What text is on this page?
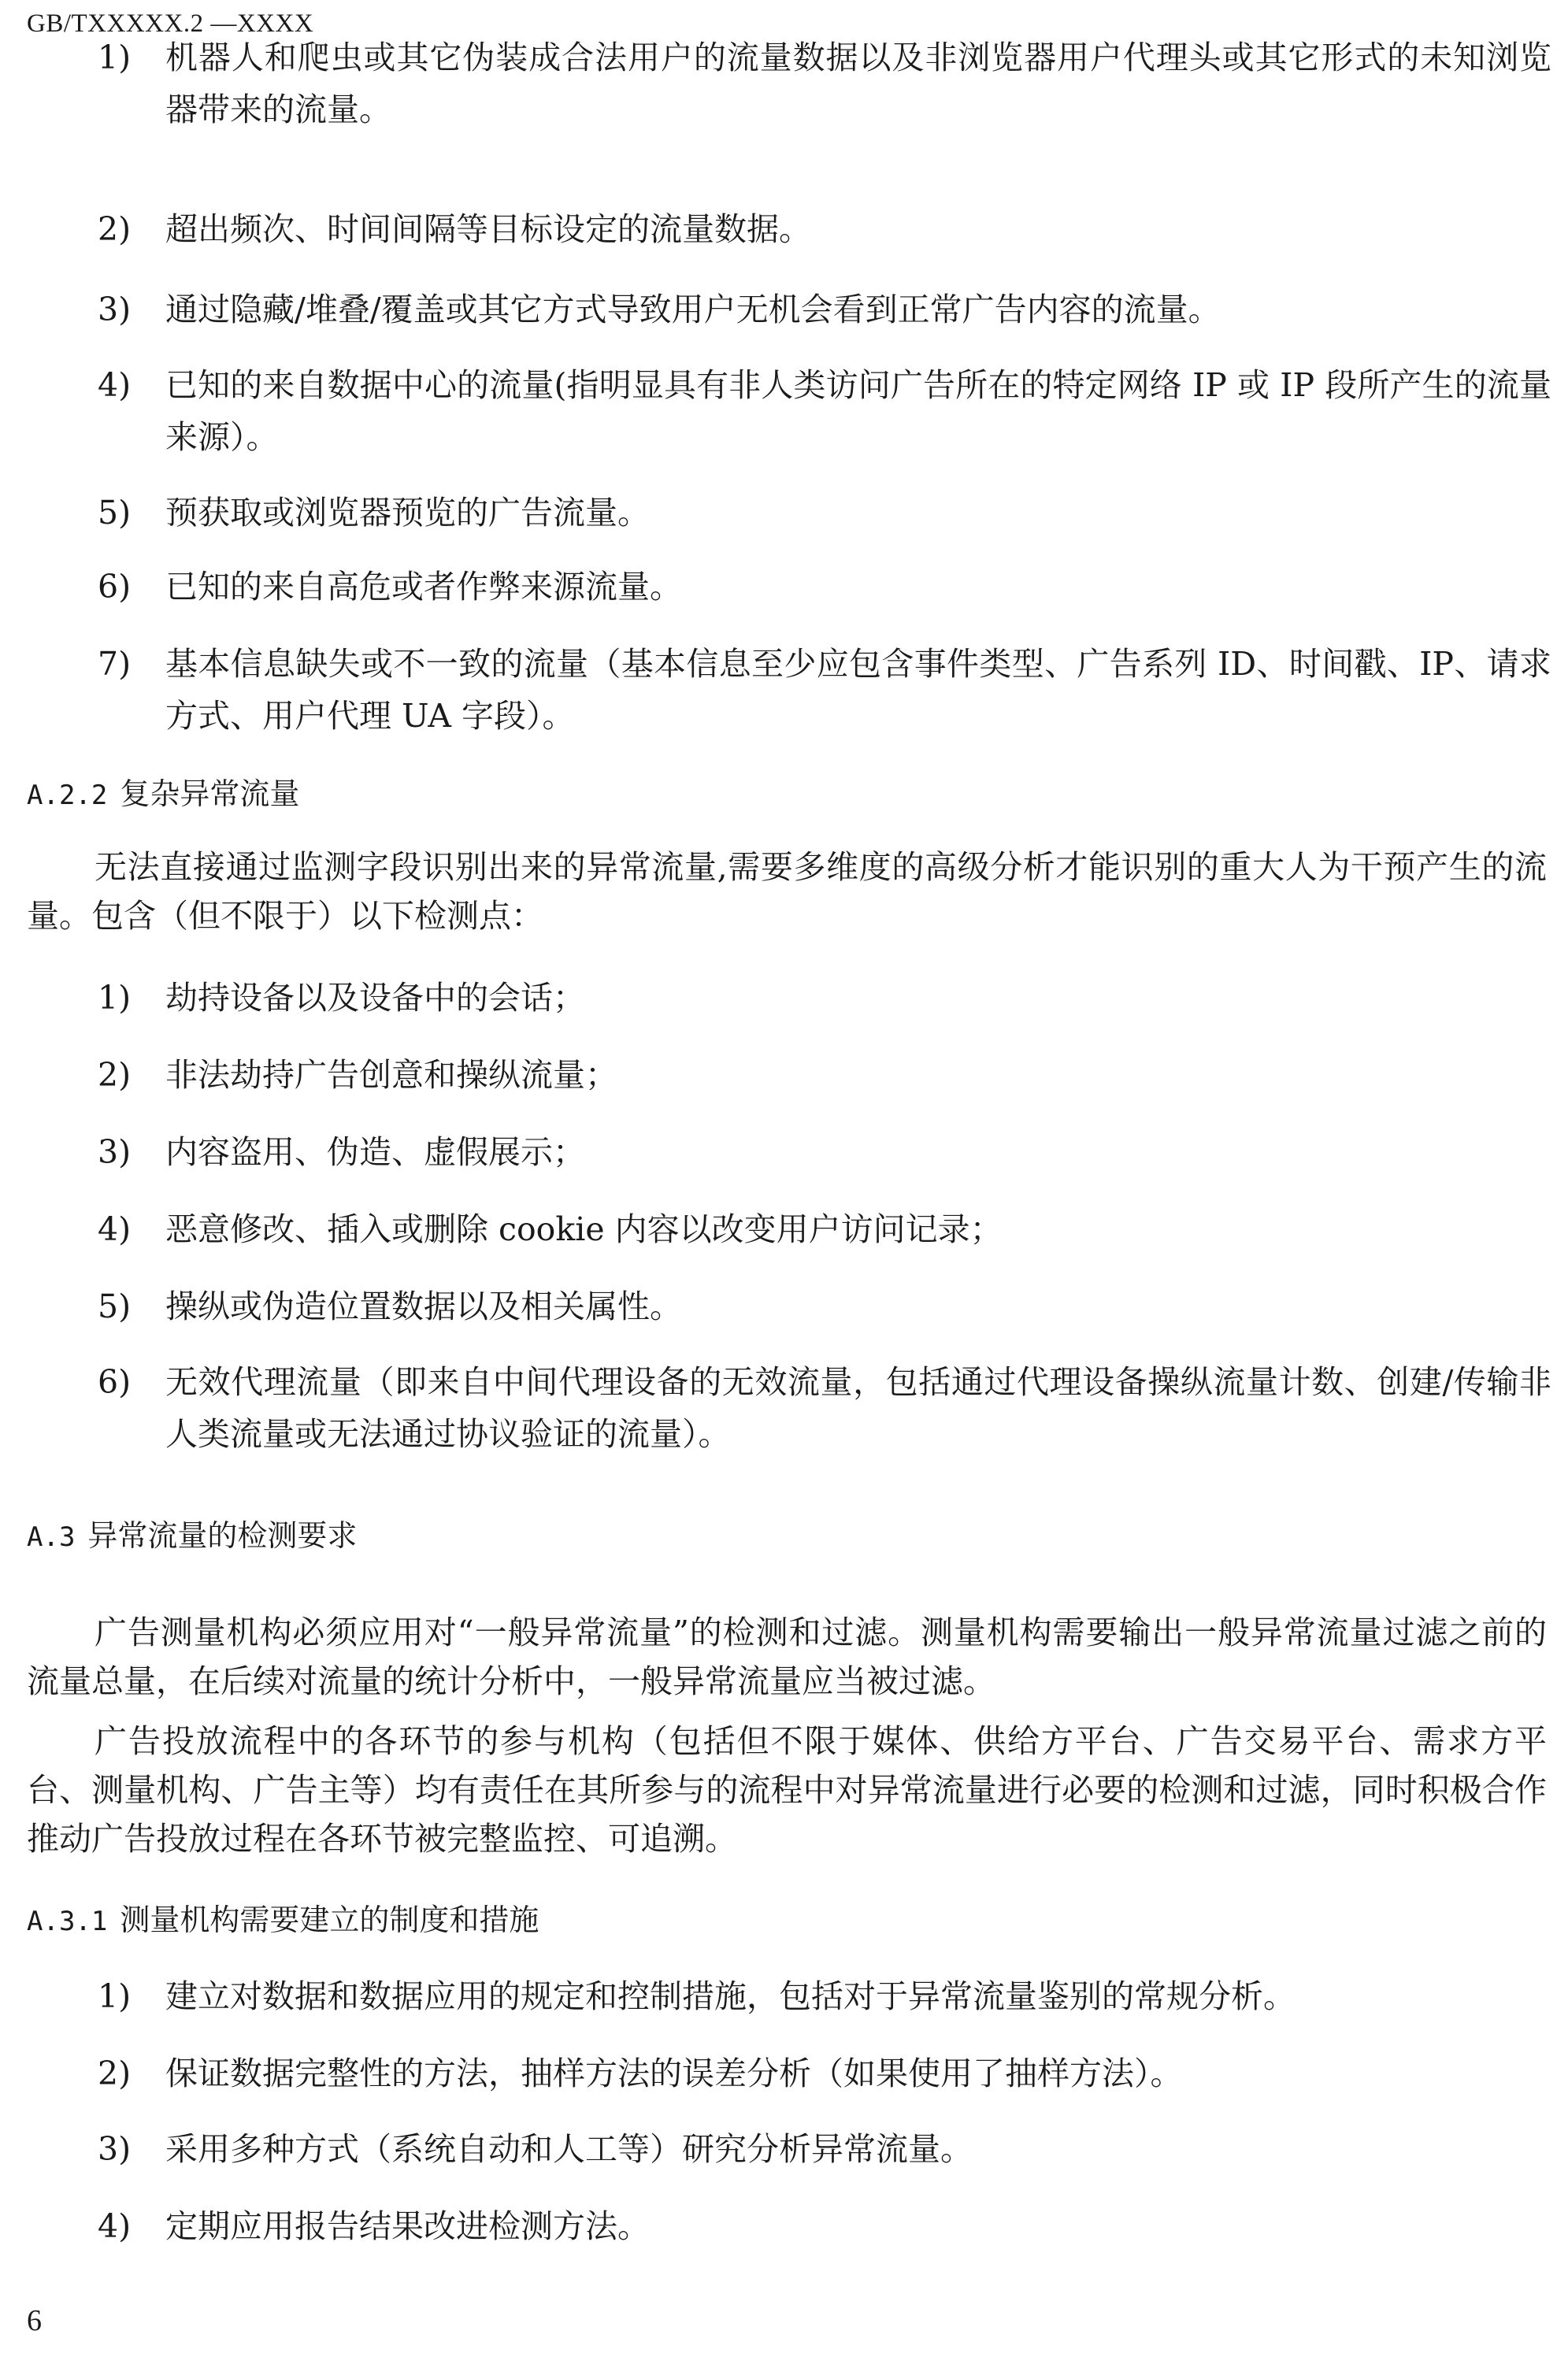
GB/TXXXXX.2 —XXXX
1)	机器人和爬虫或其它伪装成合法用户的流量数据以及非浏览器用户代理头或其它形式的未知浏览器带来的流量。
2)	超出频次、时间间隔等目标设定的流量数据。
3)	通过隐藏/堆叠/覆盖或其它方式导致用户无机会看到正常广告内容的流量。
4)	已知的来自数据中心的流量(指明显具有非人类访问广告所在的特定网络 IP 或 IP 段所产生的流量来源）。
5)	预获取或浏览器预览的广告流量。
6)	已知的来自高危或者作弊来源流量。
7)	基本信息缺失或不一致的流量（基本信息至少应包含事件类型、广告系列 ID、时间戳、IP、请求方式、用户代理 UA 字段）。
A.2.2 复杂异常流量
无法直接通过监测字段识别出来的异常流量,需要多维度的高级分析才能识别的重大人为干预产生的流量。包含（但不限于）以下检测点：
1)	劫持设备以及设备中的会话；
2)	非法劫持广告创意和操纵流量；
3)	内容盗用、伪造、虚假展示；
4)	恶意修改、插入或删除 cookie 内容以改变用户访问记录；
5)	操纵或伪造位置数据以及相关属性。
6)	无效代理流量（即来自中间代理设备的无效流量，包括通过代理设备操纵流量计数、创建/传输非人类流量或无法通过协议验证的流量）。
A.3 异常流量的检测要求
广告测量机构必须应用对“一般异常流量”的检测和过滤。测量机构需要输出一般异常流量过滤之前的流量总量，在后续对流量的统计分析中，一般异常流量应当被过滤。
广告投放流程中的各环节的参与机构（包括但不限于媒体、供给方平台、广告交易平台、需求方平台、测量机构、广告主等）均有责任在其所参与的流程中对异常流量进行必要的检测和过滤，同时积极合作推动广告投放过程在各环节被完整监控、可追溯。
A.3.1 测量机构需要建立的制度和措施
1)	建立对数据和数据应用的规定和控制措施，包括对于异常流量鉴别的常规分析。
2)	保证数据完整性的方法，抽样方法的误差分析（如果使用了抽样方法）。
3)	采用多种方式（系统自动和人工等）研究分析异常流量。
4)	定期应用报告结果改进检测方法。
6
